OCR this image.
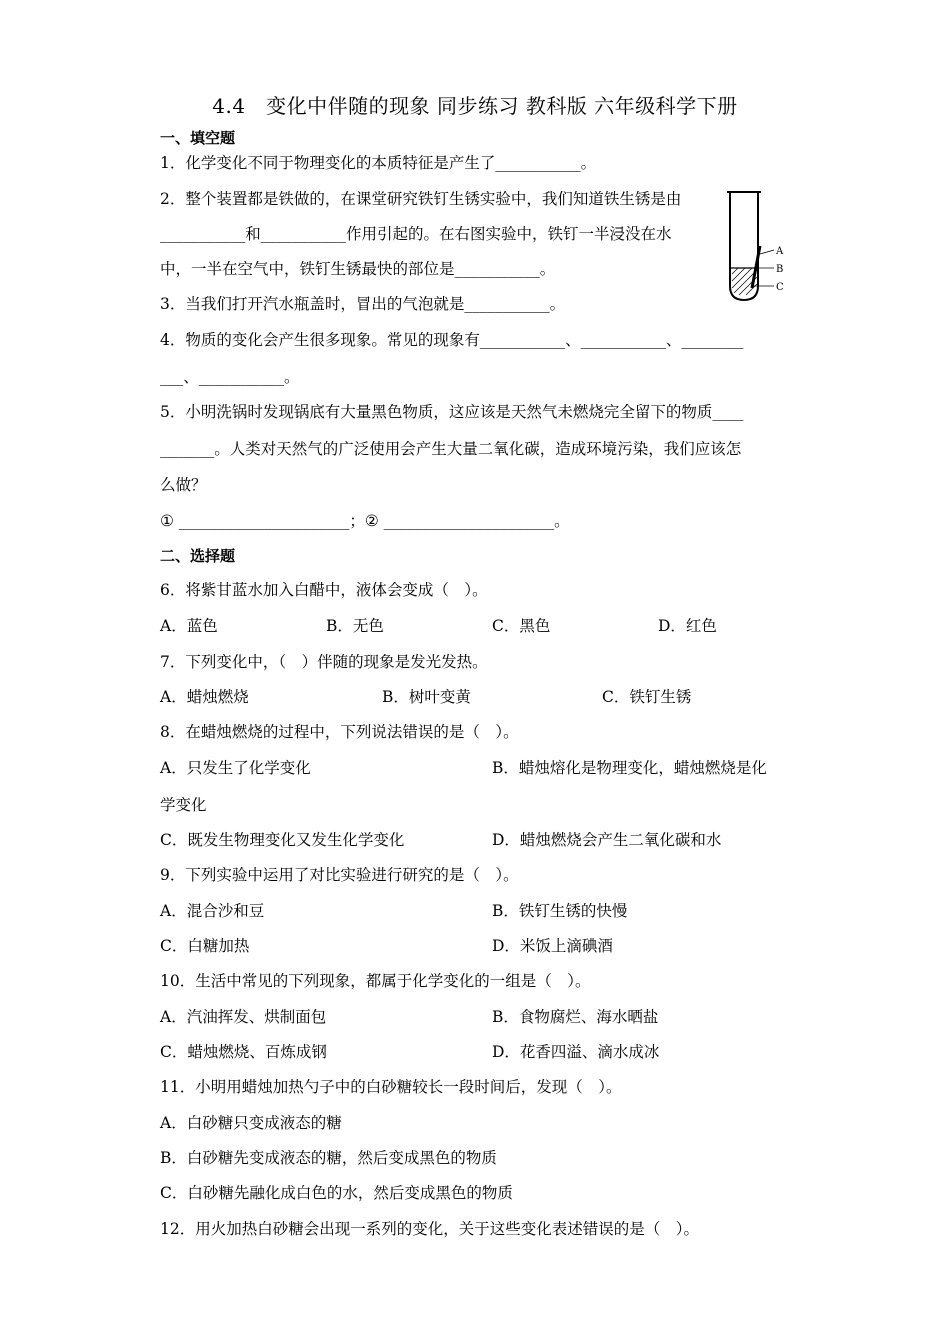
4.4　变化中伴随的现象 同步练习 教科版 六年级科学下册
一、填空题
1．化学变化不同于物理变化的本质特征是产生了___________。
2．整个装置都是铁做的，在课堂研究铁钉生锈实验中，我们知道铁生锈是由
___________和___________作用引起的。在右图实验中，铁钉一半浸没在水
中，一半在空气中，铁钉生锈最快的部位是___________。
A
B
C
3．当我们打开汽水瓶盖时，冒出的气泡就是___________。
4．物质的变化会产生很多现象。常见的现象有___________、___________、________
___、___________。
5．小明洗锅时发现锅底有大量黑色物质，这应该是天然气未燃烧完全留下的物质____
_______。人类对天然气的广泛使用会产生大量二氧化碳，造成环境污染，我们应该怎
么做？
① ______________________；② ______________________。
二、选择题
6．将紫甘蓝水加入白醋中，液体会变成（　）。
A．蓝色	B．无色	C．黑色	D．红色
7．下列变化中，（　）伴随的现象是发光发热。
A．蜡烛燃烧	B．树叶变黄	C．铁钉生锈
8．在蜡烛燃烧的过程中，下列说法错误的是（　）。
A．只发生了化学变化	B．蜡烛熔化是物理变化，蜡烛燃烧是化
学变化
C．既发生物理变化又发生化学变化	D．蜡烛燃烧会产生二氧化碳和水
9．下列实验中运用了对比实验进行研究的是（　）。
A．混合沙和豆	B．铁钉生锈的快慢
C．白糖加热	D．米饭上滴碘酒
10．生活中常见的下列现象，都属于化学变化的一组是（　）。
A．汽油挥发、烘制面包	B．食物腐烂、海水晒盐
C．蜡烛燃烧、百炼成钢	D．花香四溢、滴水成冰
11．小明用蜡烛加热勺子中的白砂糖较长一段时间后，发现（　）。
A．白砂糖只变成液态的糖
B．白砂糖先变成液态的糖，然后变成黑色的物质
C．白砂糖先融化成白色的水，然后变成黑色的物质
12．用火加热白砂糖会出现一系列的变化，关于这些变化表述错误的是（　）。
